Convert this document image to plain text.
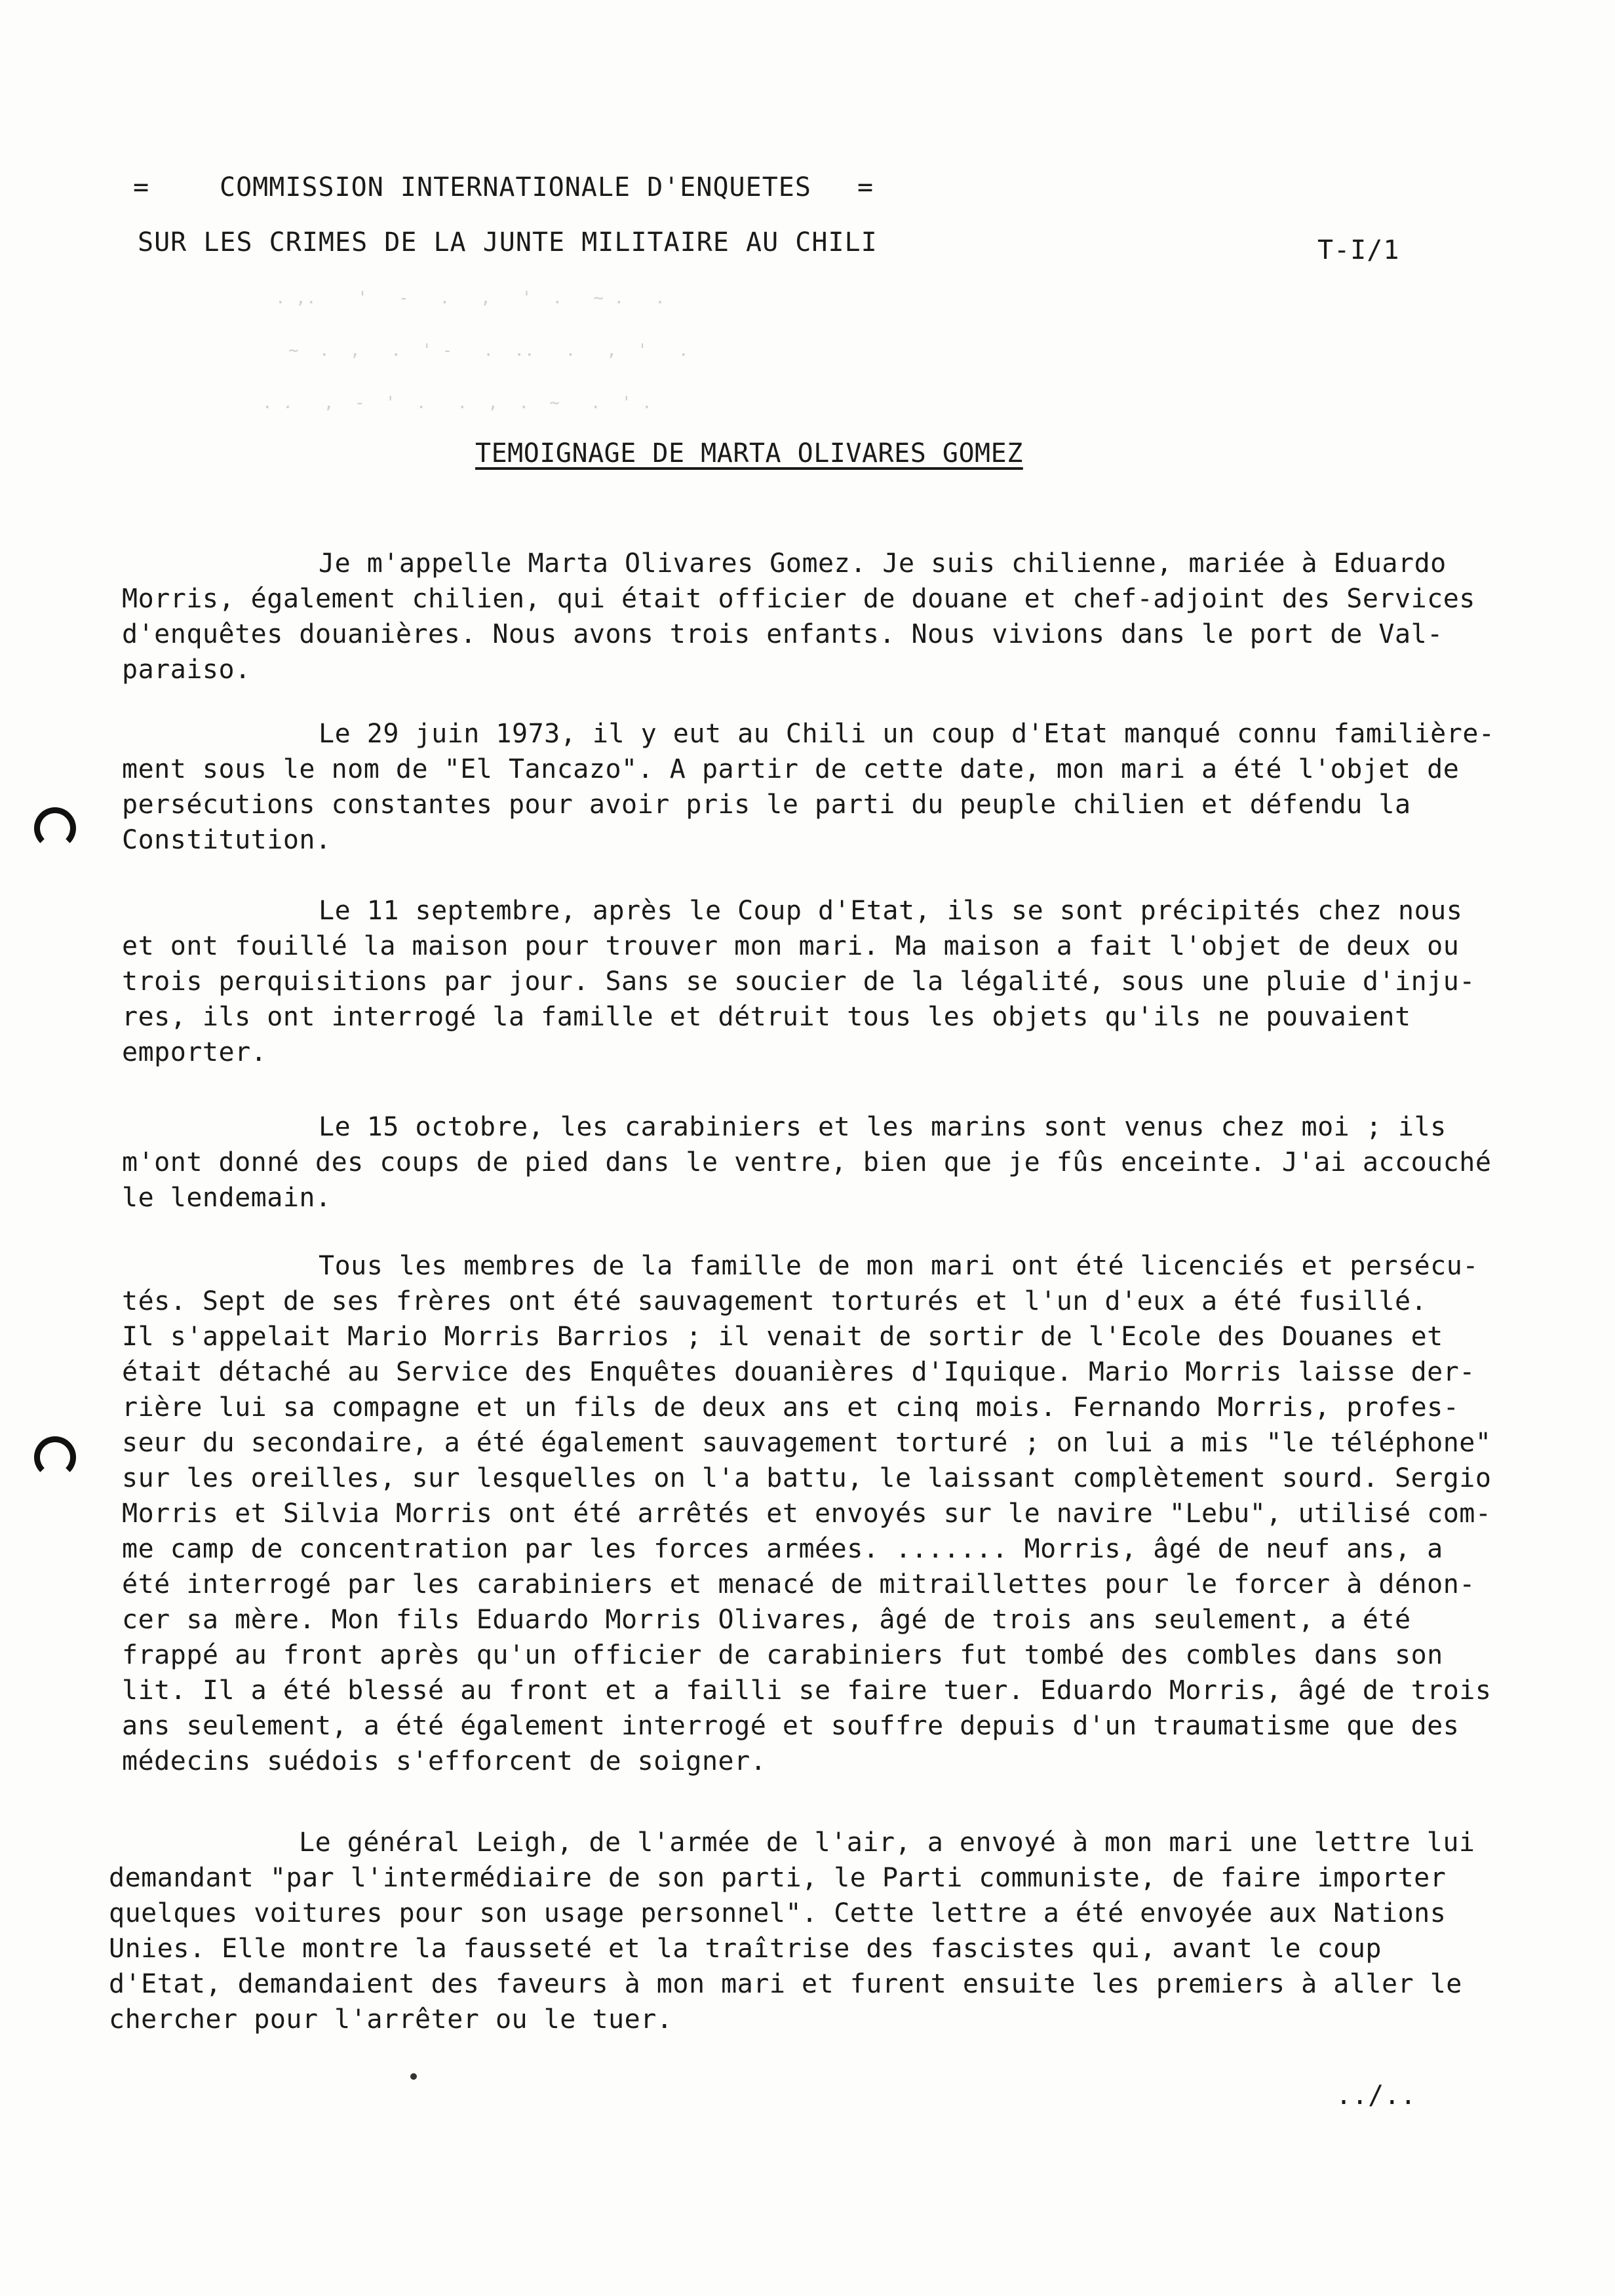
. ,.    '   -   .   ,   '  .   ~ .   .
~  .  ,   .  ' -   .  ..   .   ,  '   .
. .   ,  -  '  .   .  ,  .  ~   .  ' .
=	COMMISSION INTERNATIONALE D'ENQUETES =
SUR LES CRIMES DE LA JUNTE MILITAIRE AU CHILI	T-I/1
TEMOIGNAGE DE MARTA OLIVARES GOMEZ
Je m'appelle Marta Olivares Gomez. Je suis chilienne, mariée à Eduardo
Morris, également chilien, qui était officier de douane et chef-adjoint des Services
d'enquêtes douanières. Nous avons trois enfants. Nous vivions dans le port de Val-
paraiso.
Le 29 juin 1973, il y eut au Chili un coup d'Etat manqué connu familière-
ment sous le nom de "El Tancazo". A partir de cette date, mon mari a été l'objet de
persécutions constantes pour avoir pris le parti du peuple chilien et défendu la
Constitution.
Le 11 septembre, après le Coup d'Etat, ils se sont précipités chez nous
et ont fouillé la maison pour trouver mon mari. Ma maison a fait l'objet de deux ou
trois perquisitions par jour. Sans se soucier de la légalité, sous une pluie d'inju-
res, ils ont interrogé la famille et détruit tous les objets qu'ils ne pouvaient
emporter.
Le 15 octobre, les carabiniers et les marins sont venus chez moi ; ils
m'ont donné des coups de pied dans le ventre, bien que je fûs enceinte. J'ai accouché
le lendemain.
Tous les membres de la famille de mon mari ont été licenciés et persécu-
tés. Sept de ses frères ont été sauvagement torturés et l'un d'eux a été fusillé.
Il s'appelait Mario Morris Barrios ; il venait de sortir de l'Ecole des Douanes et
était détaché au Service des Enquêtes douanières d'Iquique. Mario Morris laisse der-
rière lui sa compagne et un fils de deux ans et cinq mois. Fernando Morris, profes-
seur du secondaire, a été également sauvagement torturé ; on lui a mis "le téléphone"
sur les oreilles, sur lesquelles on l'a battu, le laissant complètement sourd. Sergio
Morris et Silvia Morris ont été arrêtés et envoyés sur le navire "Lebu", utilisé com-
me camp de concentration par les forces armées. ....... Morris, âgé de neuf ans, a
été interrogé par les carabiniers et menacé de mitraillettes pour le forcer à dénon-
cer sa mère. Mon fils Eduardo Morris Olivares, âgé de trois ans seulement, a été
frappé au front après qu'un officier de carabiniers fut tombé des combles dans son
lit. Il a été blessé au front et a failli se faire tuer. Eduardo Morris, âgé de trois
ans seulement, a été également interrogé et souffre depuis d'un traumatisme que des
médecins suédois s'efforcent de soigner.
Le général Leigh, de l'armée de l'air, a envoyé à mon mari une lettre lui
demandant "par l'intermédiaire de son parti, le Parti communiste, de faire importer
quelques voitures pour son usage personnel". Cette lettre a été envoyée aux Nations
Unies. Elle montre la fausseté et la traîtrise des fascistes qui, avant le coup
d'Etat, demandaient des faveurs à mon mari et furent ensuite les premiers à aller le
chercher pour l'arrêter ou le tuer.
../..
